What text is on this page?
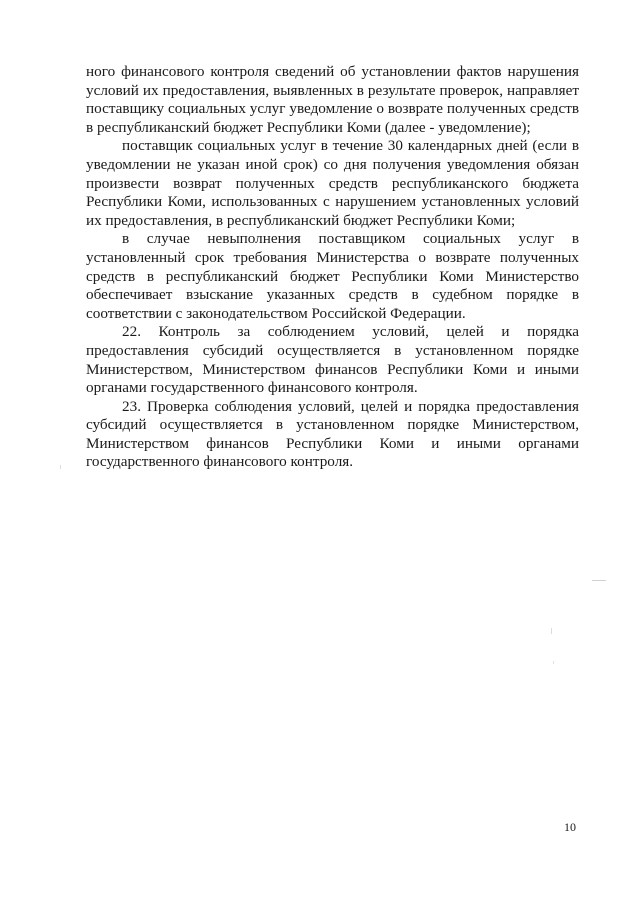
ного финансового контроля сведений об установлении фактов нарушения условий их предоставления, выявленных в результате проверок, направляет поставщику социальных услуг уведомление о возврате полученных средств в республиканский бюджет Республики Коми (далее - уведомление);

поставщик социальных услуг в течение 30 календарных дней (если в уведомлении не указан иной срок) со дня получения уведомления обязан произвести возврат полученных средств республиканского бюджета Республики Коми, использованных с нарушением установленных условий их предоставления, в республиканский бюджет Республики Коми;

в случае невыполнения поставщиком социальных услуг в установленный срок требования Министерства о возврате полученных средств в республиканский бюджет Республики Коми Министерство обеспечивает взыскание указанных средств в судебном порядке в соответствии с законодательством Российской Федерации.

22. Контроль за соблюдением условий, целей и порядка предоставления субсидий осуществляется в установленном порядке Министерством, Министерством финансов Республики Коми и иными органами государственного финансового контроля.

23. Проверка соблюдения условий, целей и порядка предоставления субсидий осуществляется в установленном порядке Министерством, Министерством финансов Республики Коми и иными органами государственного финансового контроля.

10
